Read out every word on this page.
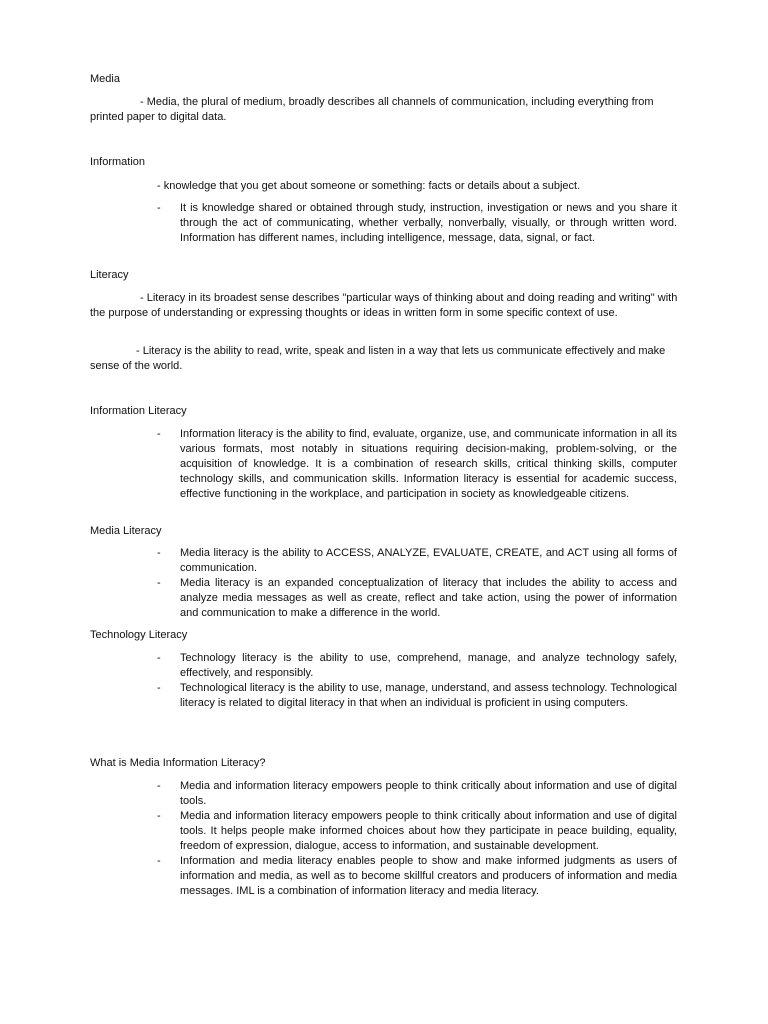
Media
- Media, the plural of medium, broadly describes all channels of communication, including everything from printed paper to digital data.
Information
- knowledge that you get about someone or something: facts or details about a subject.
- It is knowledge shared or obtained through study, instruction, investigation or news and you share it through the act of communicating, whether verbally, nonverbally, visually, or through written word. Information has different names, including intelligence, message, data, signal, or fact.
Literacy
- Literacy in its broadest sense describes "particular ways of thinking about and doing reading and writing" with the purpose of understanding or expressing thoughts or ideas in written form in some specific context of use.
- Literacy is the ability to read, write, speak and listen in a way that lets us communicate effectively and make sense of the world.
Information Literacy
- Information literacy is the ability to find, evaluate, organize, use, and communicate information in all its various formats, most notably in situations requiring decision-making, problem-solving, or the acquisition of knowledge. It is a combination of research skills, critical thinking skills, computer technology skills, and communication skills. Information literacy is essential for academic success, effective functioning in the workplace, and participation in society as knowledgeable citizens.
Media Literacy
- Media literacy is the ability to ACCESS, ANALYZE, EVALUATE, CREATE, and ACT using all forms of communication.
- Media literacy is an expanded conceptualization of literacy that includes the ability to access and analyze media messages as well as create, reflect and take action, using the power of information and communication to make a difference in the world.
Technology Literacy
- Technology literacy is the ability to use, comprehend, manage, and analyze technology safely, effectively, and responsibly.
- Technological literacy is the ability to use, manage, understand, and assess technology. Technological literacy is related to digital literacy in that when an individual is proficient in using computers.
What is Media Information Literacy?
- Media and information literacy empowers people to think critically about information and use of digital tools.
- Media and information literacy empowers people to think critically about information and use of digital tools. It helps people make informed choices about how they participate in peace building, equality, freedom of expression, dialogue, access to information, and sustainable development.
- Information and media literacy enables people to show and make informed judgments as users of information and media, as well as to become skillful creators and producers of information and media messages. IML is a combination of information literacy and media literacy.
